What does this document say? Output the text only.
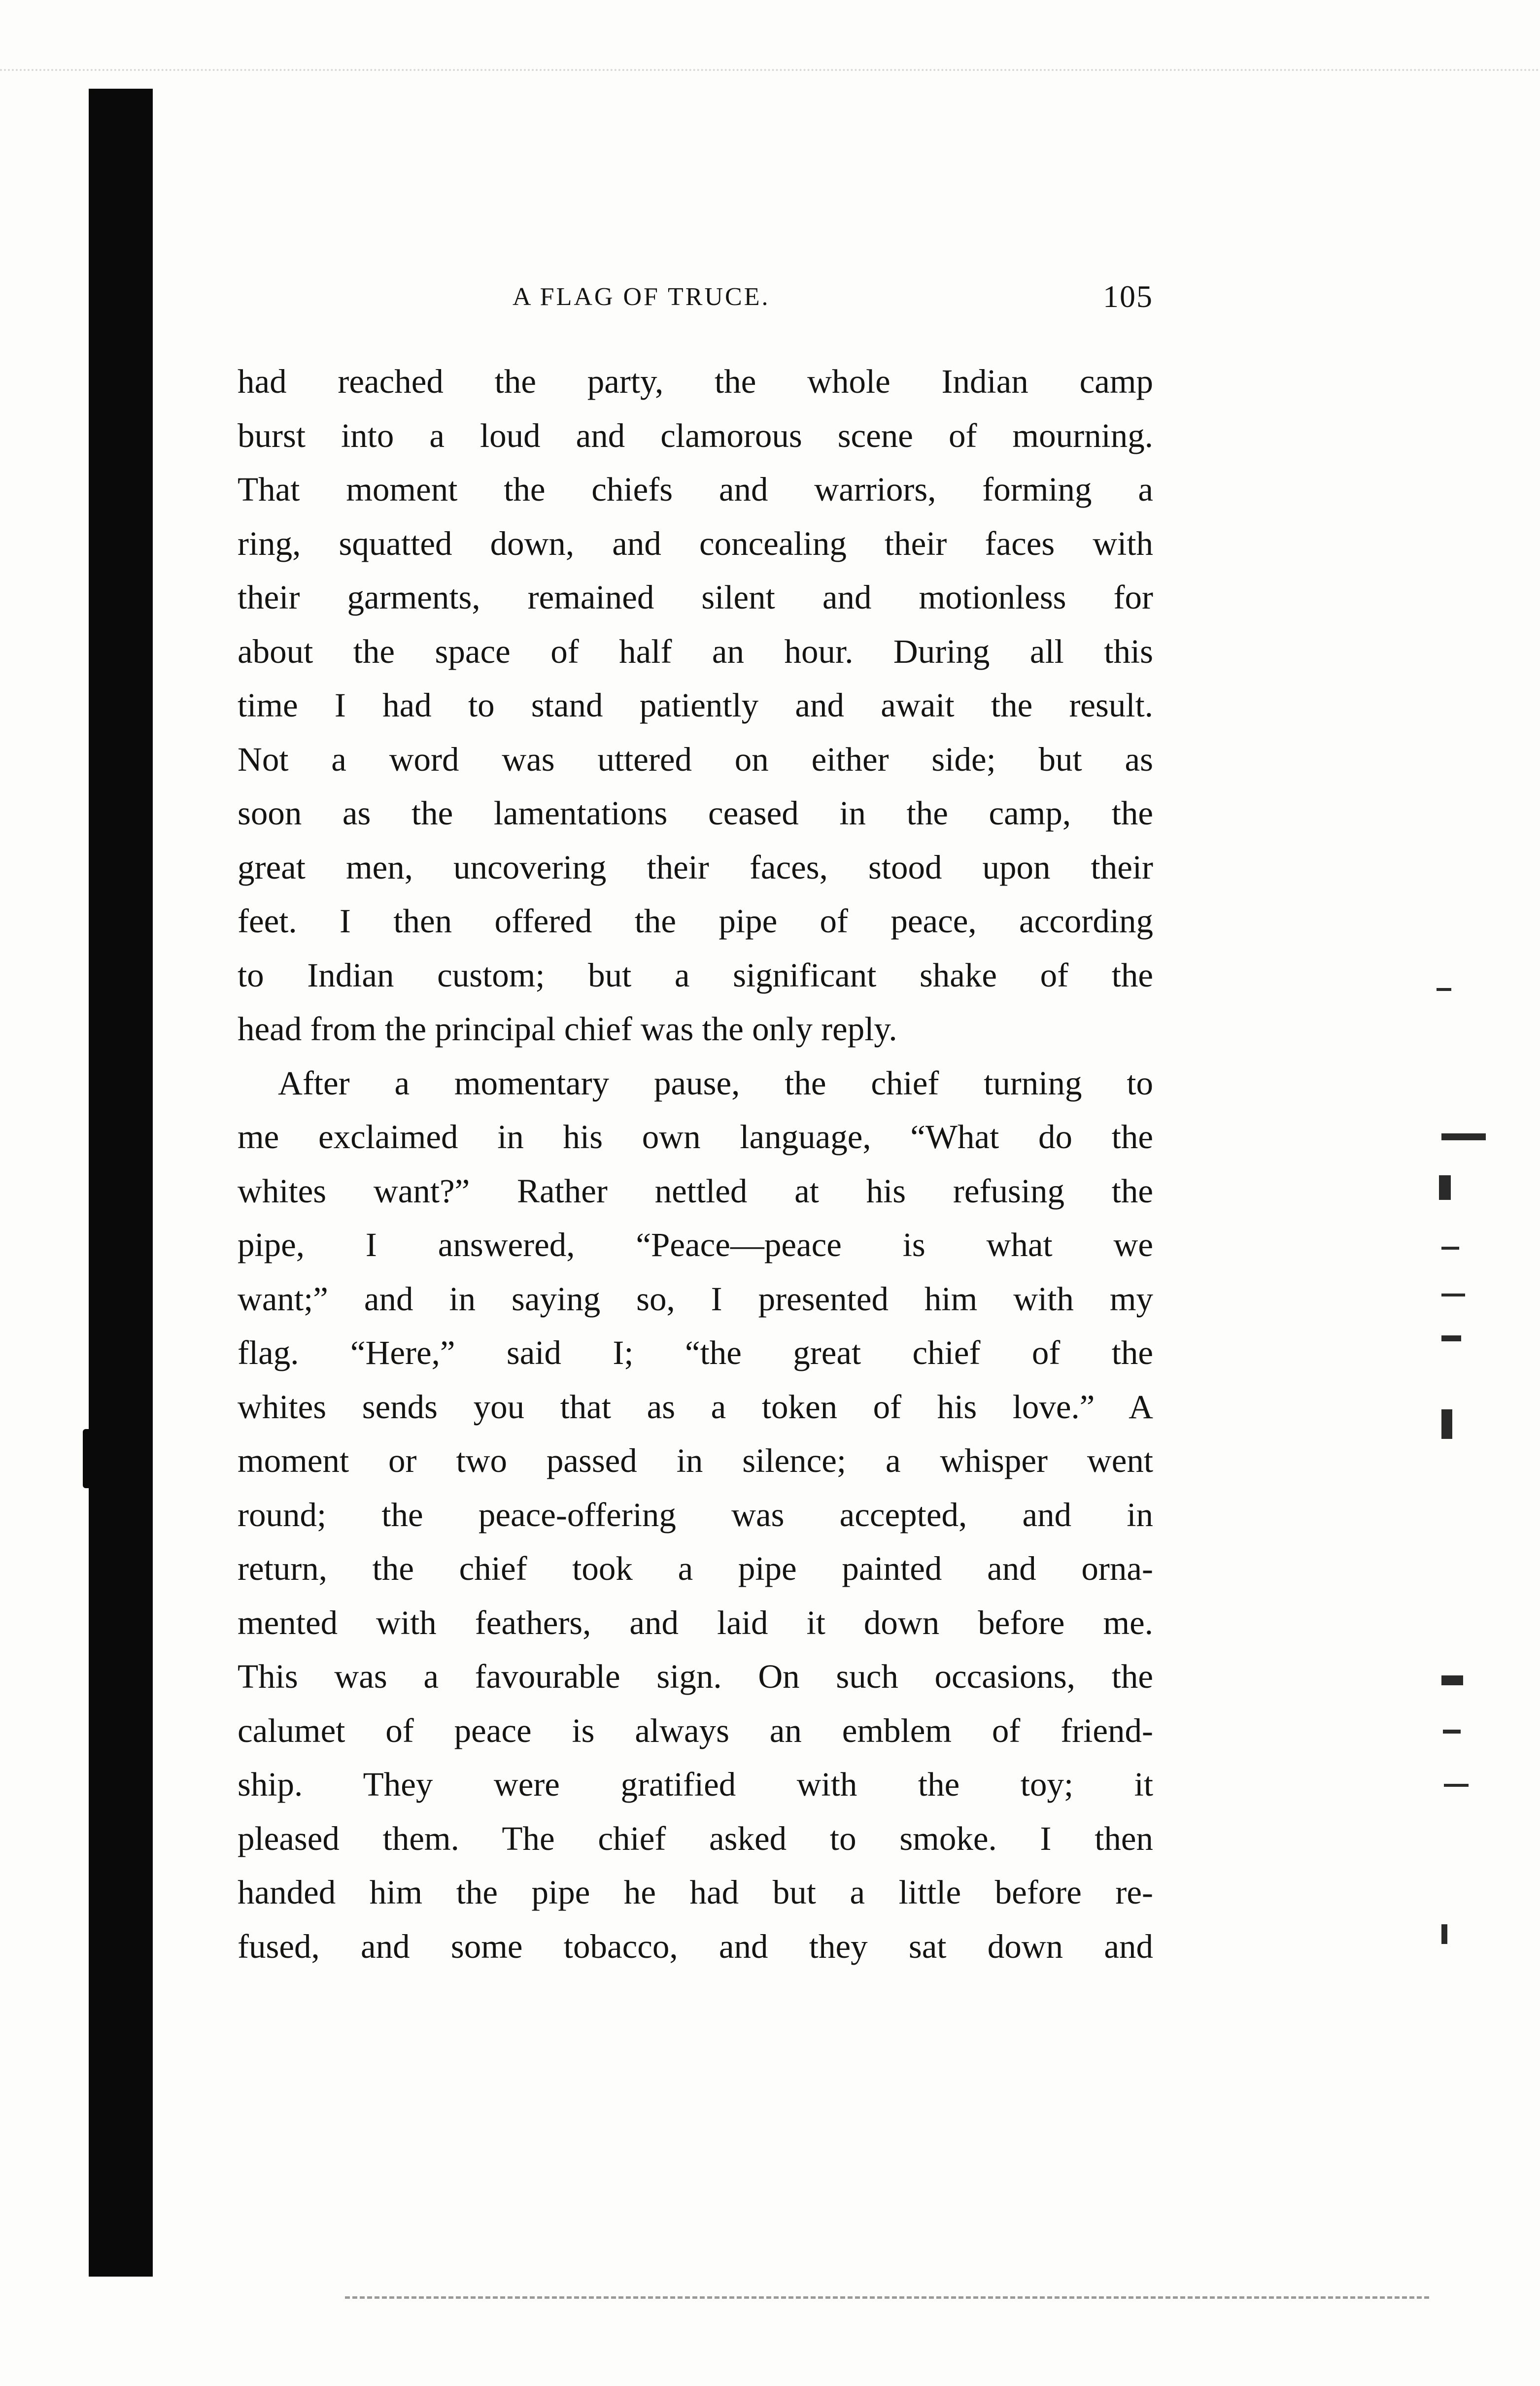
A FLAG OF TRUCE.	105
had reached the party, the whole Indian camp
burst into a loud and clamorous scene of mourning.
That moment the chiefs and warriors, forming a
ring, squatted down, and concealing their faces with
their garments, remained silent and motionless for
about the space of half an hour. During all this
time I had to stand patiently and await the result.
Not a word was uttered on either side; but as
soon as the lamentations ceased in the camp, the
great men, uncovering their faces, stood upon their
feet. I then offered the pipe of peace, according
to Indian custom; but a significant shake of the
head from the principal chief was the only reply.
After a momentary pause, the chief turning to
me exclaimed in his own language, “What do the
whites want?” Rather nettled at his refusing the
pipe, I answered, “Peace—peace is what we
want;” and in saying so, I presented him with my
flag. “Here,” said I; “the great chief of the
whites sends you that as a token of his love.” A
moment or two passed in silence; a whisper went
round; the peace-offering was accepted, and in
return, the chief took a pipe painted and orna-
mented with feathers, and laid it down before me.
This was a favourable sign. On such occasions, the
calumet of peace is always an emblem of friend-
ship. They were gratified with the toy; it
pleased them. The chief asked to smoke. I then
handed him the pipe he had but a little before re-
fused, and some tobacco, and they sat down and
